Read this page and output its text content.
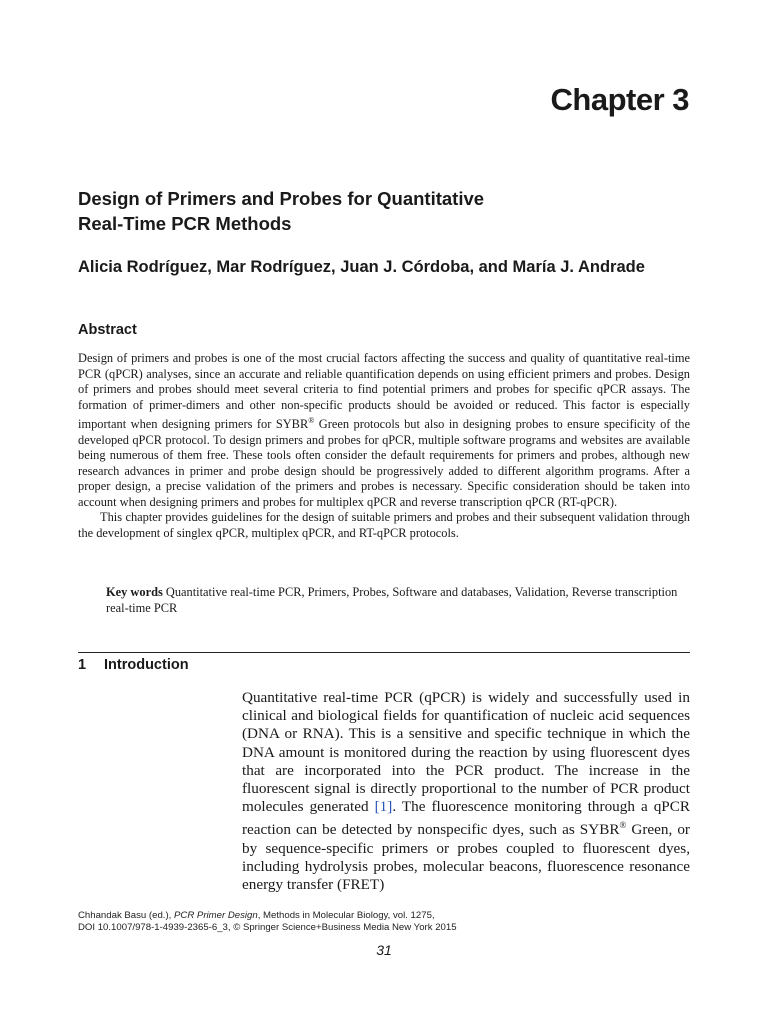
Chapter 3
Design of Primers and Probes for Quantitative
Real-Time PCR Methods
Alicia Rodríguez, Mar Rodríguez, Juan J. Córdoba, and María J. Andrade
Abstract

Design of primers and probes is one of the most crucial factors affecting the success and quality of quantitative real-time PCR (qPCR) analyses, since an accurate and reliable quantification depends on using efficient primers and probes. Design of primers and probes should meet several criteria to find potential primers and probes for specific qPCR assays. The formation of primer-dimers and other non-specific products should be avoided or reduced. This factor is especially important when designing primers for SYBR® Green protocols but also in designing probes to ensure specificity of the developed qPCR protocol. To design primers and probes for qPCR, multiple software programs and websites are available being numerous of them free. These tools often consider the default requirements for primers and probes, although new research advances in primer and probe design should be progressively added to different algorithm programs. After a proper design, a precise validation of the primers and probes is necessary. Specific consideration should be taken into account when designing primers and probes for multiplex qPCR and reverse transcription qPCR (RT-qPCR).

This chapter provides guidelines for the design of suitable primers and probes and their subsequent validation through the development of singlex qPCR, multiplex qPCR, and RT-qPCR protocols.

Key words Quantitative real-time PCR, Primers, Probes, Software and databases, Validation, Reverse transcription real-time PCR
1 Introduction

Quantitative real-time PCR (qPCR) is widely and successfully used in clinical and biological fields for quantification of nucleic acid sequences (DNA or RNA). This is a sensitive and specific technique in which the DNA amount is monitored during the reaction by using fluorescent dyes that are incorporated into the PCR product. The increase in the fluorescent signal is directly proportional to the number of PCR product molecules generated [1]. The fluorescence monitoring through a qPCR reaction can be detected by nonspecific dyes, such as SYBR® Green, or by sequence-specific primers or probes coupled to fluorescent dyes, including hydrolysis probes, molecular beacons, fluorescence resonance energy transfer (FRET)

Chhandak Basu (ed.), PCR Primer Design, Methods in Molecular Biology, vol. 1275,
DOI 10.1007/978-1-4939-2365-6_3, © Springer Science+Business Media New York 2015
31
